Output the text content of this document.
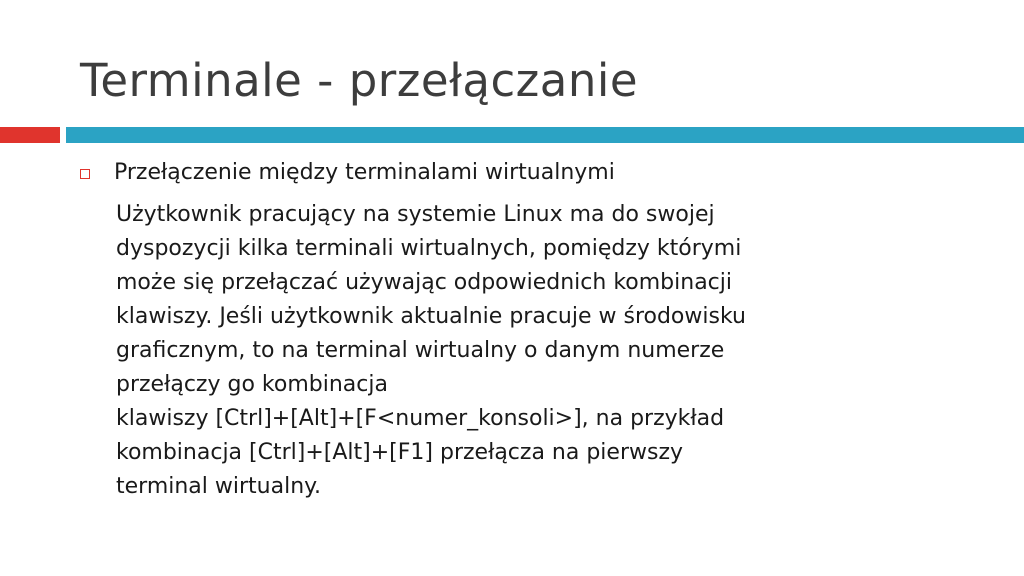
Terminale - przełączanie
Przełączenie między terminalami wirtualnymi

Użytkownik pracujący na systemie Linux ma do swojej
dyspozycji kilka terminali wirtualnych, pomiędzy którymi
może się przełączać używając odpowiednich kombinacji
klawiszy. Jeśli użytkownik aktualnie pracuje w środowisku
graficznym, to na terminal wirtualny o danym numerze
przełączy go kombinacja
klawiszy [Ctrl]+[Alt]+[F<numer_konsoli>], na przykład
kombinacja [Ctrl]+[Alt]+[F1] przełącza na pierwszy
terminal wirtualny.
